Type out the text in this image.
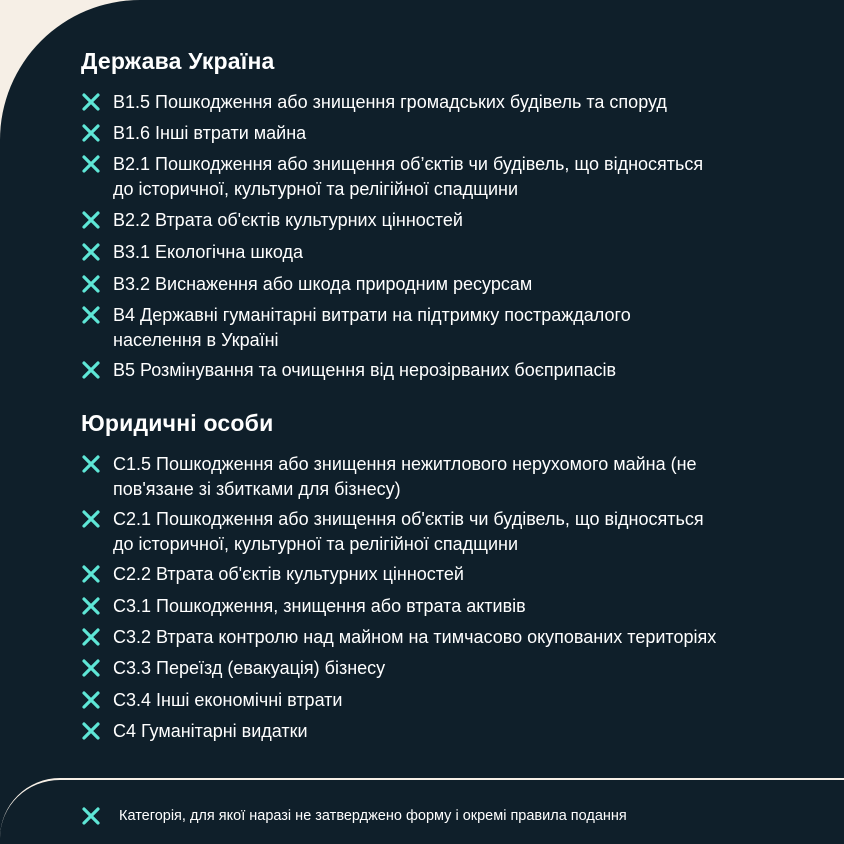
Держава Україна
В1.5 Пошкодження або знищення громадських будівель та споруд
В1.6 Інші втрати майна
В2.1 Пошкодження або знищення об’єктів чи будівель, що відносяться
до історичної, культурної та релігійної спадщини
В2.2 Втрата об'єктів культурних цінностей
В3.1 Екологічна шкода
В3.2 Виснаження або шкода природним ресурсам
В4 Державні гуманітарні витрати на підтримку постраждалого
населення в Україні
В5 Розмінування та очищення від нерозірваних боєприпасів
Юридичні особи
С1.5 Пошкодження або знищення нежитлового нерухомого майна (не
пов'язане зі збитками для бізнесу)
С2.1 Пошкодження або знищення об'єктів чи будівель, що відносяться
до історичної, культурної та релігійної спадщини
С2.2 Втрата об'єктів культурних цінностей
С3.1 Пошкодження, знищення або втрата активів
С3.2 Втрата контролю над майном на тимчасово окупованих територіях
С3.3 Переїзд (евакуація) бізнесу
С3.4 Інші економічні втрати
С4 Гуманітарні видатки
Категорія, для якої наразі не затверджено форму і окремі правила подання
